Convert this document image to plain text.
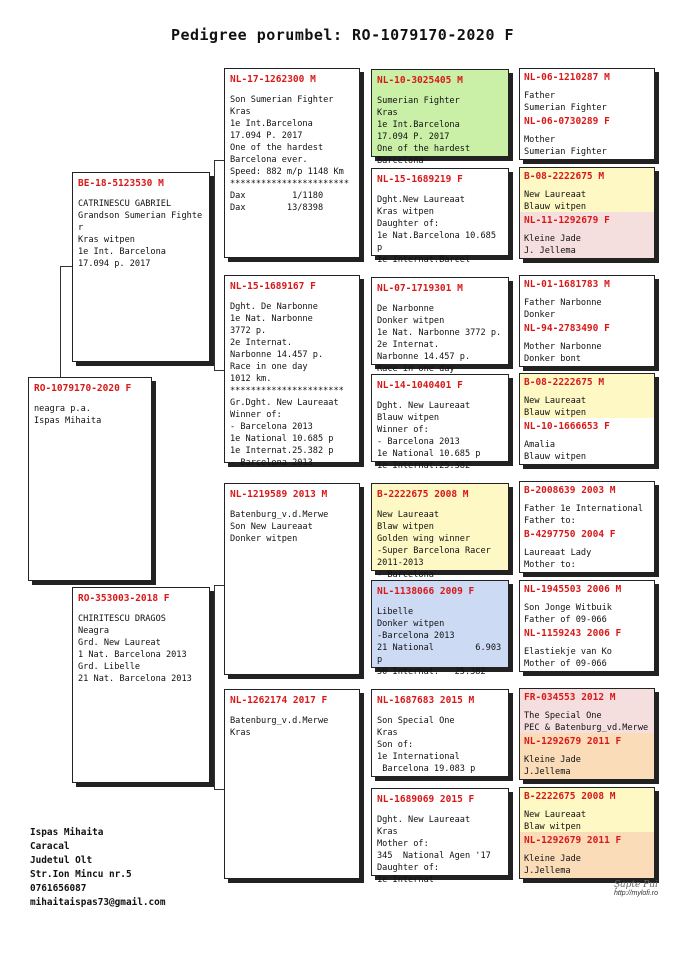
Pedigree porumbel: RO-1079170-2020 F
RO-1079170-2020 F

neagra p.a.
Ispas Mihaita

BE-18-5123530 M

CATRINESCU GABRIEL
Grandson Sumerian Fighte
r
Kras witpen
1e Int. Barcelona
17.094 p. 2017

RO-353003-2018 F

CHIRITESCU DRAGOS
Neagra
Grd. New Laureat
1 Nat. Barcelona 2013
Grd. Libelle
21 Nat. Barcelona 2013

NL-17-1262300 M

Son Sumerian Fighter
Kras
1e Int.Barcelona
17.094 P. 2017
One of the hardest
Barcelona ever.
Speed: 882 m/p 1148 Km
***********************
Dax         1/1180
Dax        13/8398

NL-15-1689167 F

Dght. De Narbonne
1e Nat. Narbonne
3772 p.
2e Internat.
Narbonne 14.457 p.
Race in one day
1012 km.
**********************
Gr.Dght. New Laureaat
Winner of:
- Barcelona 2013
1e National 10.685 p
1e Internat.25.382 p
- Barcelona 2013

NL-1219589 2013 M

Batenburg_v.d.Merwe
Son New Laureaat
Donker witpen

NL-1262174 2017 F

Batenburg_v.d.Merwe
Kras

NL-10-3025405 M

Sumerian Fighter
Kras
1e Int.Barcelona
17.094 P. 2017
One of the hardest
Barcelona

NL-15-1689219 F

Dght.New Laureaat
Kras witpen
Daughter of:
1e Nat.Barcelona 10.685
p
1e Internat.Barcel

NL-07-1719301 M

De Narbonne
Donker witpen
1e Nat. Narbonne 3772 p.
2e Internat.
Narbonne 14.457 p.
Race in one day

NL-14-1040401 F

Dght. New Laureaat
Blauw witpen
Winner of:
- Barcelona 2013
1e National 10.685 p
1e Internat.25.382

B-2222675 2008 M

New Laureaat
Blaw witpen
Golden wing winner
-Super Barcelona Racer
2011-2013
- Barcelona

NL-1138066 2009 F

Libelle
Donker witpen
-Barcelona 2013
21 National        6.903
p
50 Internat.   25.382

NL-1687683 2015 M

Son Special One
Kras
Son of:
1e International
Barcelona 19.083 p

NL-1689069 2015 F

Dght. New Laureaat
Kras
Mother of:
345  National Agen '17
Daughter of:
1e Internat

NL-06-1210287 M

Father
Sumerian Fighter

NL-06-0730289 F

Mother
Sumerian Fighter

B-08-2222675 M

New Laureaat
Blauw witpen

NL-11-1292679 F

Kleine Jade
J. Jellema

NL-01-1681783 M

Father Narbonne
Donker

NL-94-2783490 F

Mother Narbonne
Donker bont

B-08-2222675 M

New Laureaat
Blauw witpen

NL-10-1666653 F

Amalia
Blauw witpen

B-2008639 2003 M

Father 1e International
Father to:

B-4297750 2004 F

Laureaat Lady
Mother to:

NL-1945503 2006 M

Son Jonge Witbuik
Father of 09-066

NL-1159243 2006 F

Elastiekje van Ko
Mother of 09-066

FR-034553 2012 M

The Special One
PEC & Batenburg_vd.Merwe

NL-1292679 2011 F

Kleine Jade
J.Jellema

B-2222675 2008 M

New Laureaat
Blaw witpen

NL-1292679 2011 F

Kleine Jade
J.Jellema

Ispas Mihaita
Caracal
Judetul Olt
Str.Ion Mincu nr.5
0761656087
mihaitaispas73@gmail.com
Şapte Pui
http://mylofi.ro
